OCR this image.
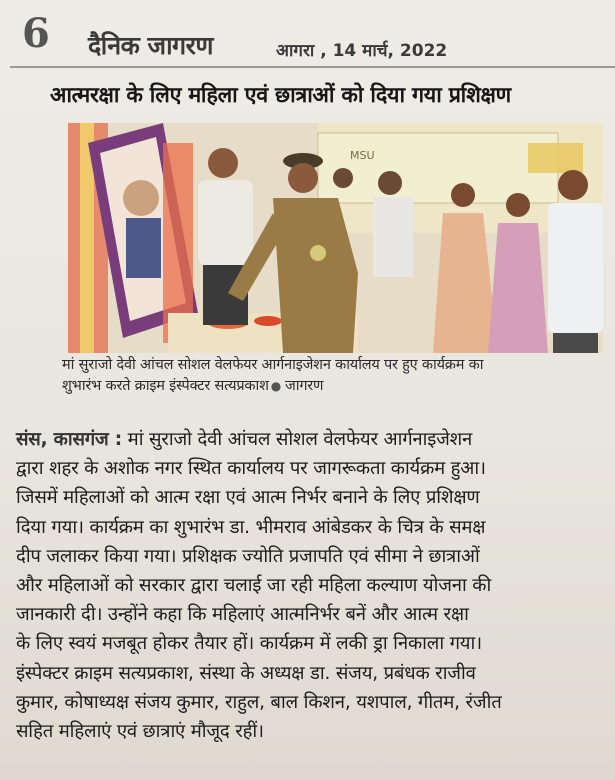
6 दैनिक जागरण	आगरा , 14 मार्च, 2022
आत्मरक्षा के लिए महिला एवं छात्राओं को दिया गया प्रशिक्षण
MSU
मां सुराजो देवी आंचल सोशल वेलफेयर आर्गनाइजेशन कार्यालय पर हुए कार्यक्रम का
शुभारंभ करते क्राइम इंस्पेक्टर सत्यप्रकाश ● जागरण
संस, कासगंज : मां सुराजो देवी आंचल सोशल वेलफेयर आर्गनाइजेशन
द्वारा शहर के अशोक नगर स्थित कार्यालय पर जागरूकता कार्यक्रम हुआ।
जिसमें महिलाओं को आत्म रक्षा एवं आत्म निर्भर बनाने के लिए प्रशिक्षण
दिया गया। कार्यक्रम का शुभारंभ डा. भीमराव आंबेडकर के चित्र के समक्ष
दीप जलाकर किया गया। प्रशिक्षक ज्योति प्रजापति एवं सीमा ने छात्राओं
और महिलाओं को सरकार द्वारा चलाई जा रही महिला कल्याण योजना की
जानकारी दी। उन्होंने कहा कि महिलाएं आत्मनिर्भर बनें और आत्म रक्षा
के लिए स्वयं मजबूत होकर तैयार हों। कार्यक्रम में लकी ड्रा निकाला गया।
इंस्पेक्टर क्राइम सत्यप्रकाश, संस्था के अध्यक्ष डा. संजय, प्रबंधक राजीव
कुमार, कोषाध्यक्ष संजय कुमार, राहुल, बाल किशन, यशपाल, गीतम, रंजीत
सहित महिलाएं एवं छात्राएं मौजूद रहीं।
